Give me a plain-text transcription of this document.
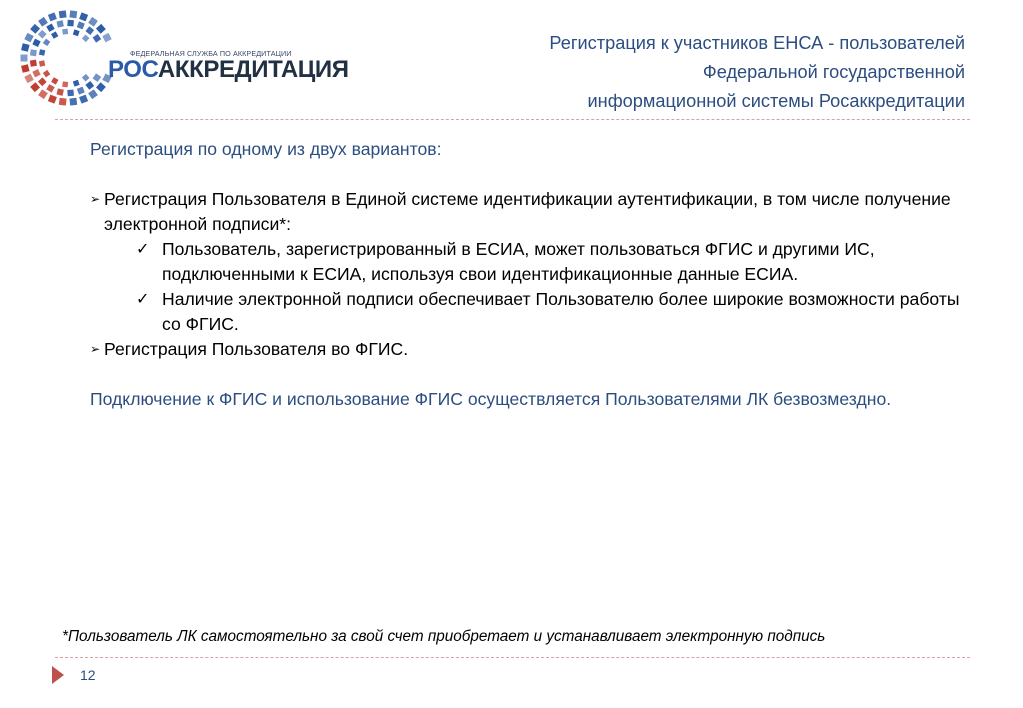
ФЕДЕРАЛЬНАЯ СЛУЖБА ПО АККРЕДИТАЦИИ
РОСАККРЕДИТАЦИЯ
Регистрация к участников ЕНСА - пользователей
Федеральной государственной
информационной системы Росаккредитации
Регистрация по одному из двух вариантов:
➢ Регистрация Пользователя в Единой системе идентификации аутентификации, в том числе получение электронной подписи*:
✓ Пользователь, зарегистрированный в ЕСИА, может пользоваться ФГИС и другими ИС, подключенными к ЕСИА, используя свои идентификационные данные ЕСИА.
✓ Наличие электронной подписи обеспечивает Пользователю более широкие возможности работы со ФГИС.
➢ Регистрация Пользователя во ФГИС.
Подключение к ФГИС и использование ФГИС осуществляется Пользователями ЛК безвозмездно.
*Пользователь ЛК самостоятельно за свой счет приобретает и устанавливает электронную подпись
12
